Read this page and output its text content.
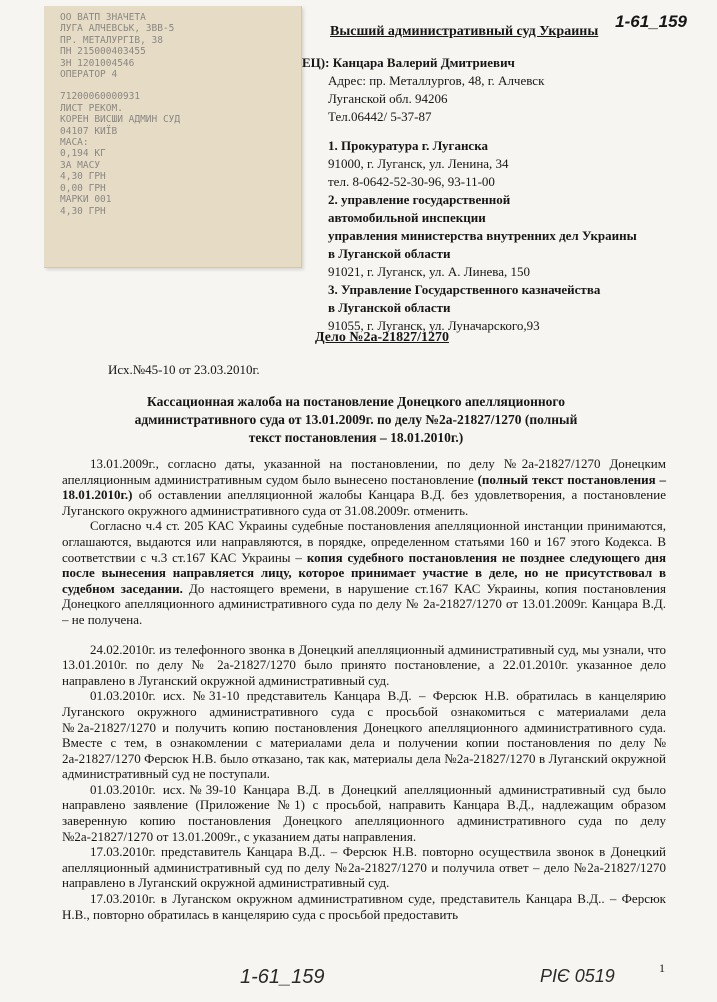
ОО ВАТП ЗНАЧЕТА
ЛУГА АЛЧЕВСЬК, ЗВВ-5
ПР. МЕТАЛУРГІВ, 38
ПН 215000403455
ЗН 1201004546
ОПЕРАТОР 4
71200060000931
ЛИСТ РЕКОМ.
КОРЕН ВИСШИ АДМИН СУД
04107 КИЇВ
МАСА:
0,194 КГ
ЗА МАСУ
4,30 ГРН
0,00 ГРН
МАРКИ 001
4,30 ГРН
1-61_159
Высший административный суд Украины
ЕЦ): Канцара Валерий Дмитриевич
Адрес: пр. Металлургов, 48, г. Алчевск
Луганской обл. 94206
Тел.06442/ 5-37-87
1. Прокуратура г. Луганска
91000, г. Луганск, ул. Ленина, 34
тел. 8-0642-52-30-96, 93-11-00
2. управление государственной
автомобильной инспекции
управления министерства внутренних дел Украины
в Луганской области
91021, г. Луганск, ул. А. Линева, 150
3. Управление Государственного казначейства
в Луганской области
91055, г. Луганск, ул. Луначарского,93
Дело №2а-21827/1270
Исх.№45-10 от 23.03.2010г.
Кассационная жалоба на постановление Донецкого апелляционного административного суда от 13.01.2009г. по делу №2а-21827/1270 (полный текст постановления – 18.01.2010г.)

13.01.2009г., согласно даты, указанной на постановлении, по делу №2а-21827/1270 Донецким апелляционным административным судом было вынесено постановление (полный текст постановления – 18.01.2010г.) об оставлении апелляционной жалобы Канцара В.Д. без удовлетворения, а постановление Луганского окружного административного суда от 31.08.2009г. отменить.

Согласно ч.4 ст. 205 КАС Украины судебные постановления апелляционной инстанции принимаются, оглашаются, выдаются или направляются, в порядке, определенном статьями 160 и 167 этого Кодекса. В соответствии с ч.3 ст.167 КАС Украины – копия судебного постановления не позднее следующего дня после вынесения направляется лицу, которое принимает участие в деле, но не присутствовал в судебном заседании. До настоящего времени, в нарушение ст.167 КАС Украины, копия постановления Донецкого апелляционного административного суда по делу № 2а-21827/1270 от 13.01.2009г. Канцара В.Д. – не получена.

24.02.2010г. из телефонного звонка в Донецкий апелляционный административный суд, мы узнали, что 13.01.2010г. по делу № 2а-21827/1270 было принято постановление, а 22.01.2010г. указанное дело направлено в Луганский окружной административный суд.

01.03.2010г. исх. №31-10 представитель Канцара В.Д. – Ферсюк Н.В. обратилась в канцелярию Луганского окружного административного суда с просьбой ознакомиться с материалами дела №2а-21827/1270 и получить копию постановления Донецкого апелляционного административного суда. Вместе с тем, в ознакомлении с материалами дела и получении копии постановления по делу № 2а-21827/1270 Ферсюк Н.В. было отказано, так как, материалы дела №2а-21827/1270 в Луганский окружной административный суд не поступали.

01.03.2010г. исх.№39-10 Канцара В.Д. в Донецкий апелляционный административный суд было направлено заявление (Приложение №1) с просьбой, направить Канцара В.Д., надлежащим образом заверенную копию постановления Донецкого апелляционного административного суда по делу №2а-21827/1270 от 13.01.2009г., с указанием даты направления.

17.03.2010г. представитель Канцара В.Д.. – Ферсюк Н.В. повторно осуществила звонок в Донецкий апелляционный административный суд по делу №2а-21827/1270 и получила ответ – дело №2а-21827/1270 направлено в Луганский окружной административный суд.

17.03.2010г. в Луганском окружном административном суде, представитель Канцара В.Д.. – Ферсюк Н.В., повторно обратилась в канцелярию суда с просьбой предоставить

1
1-61_159	РІЄ 0519
